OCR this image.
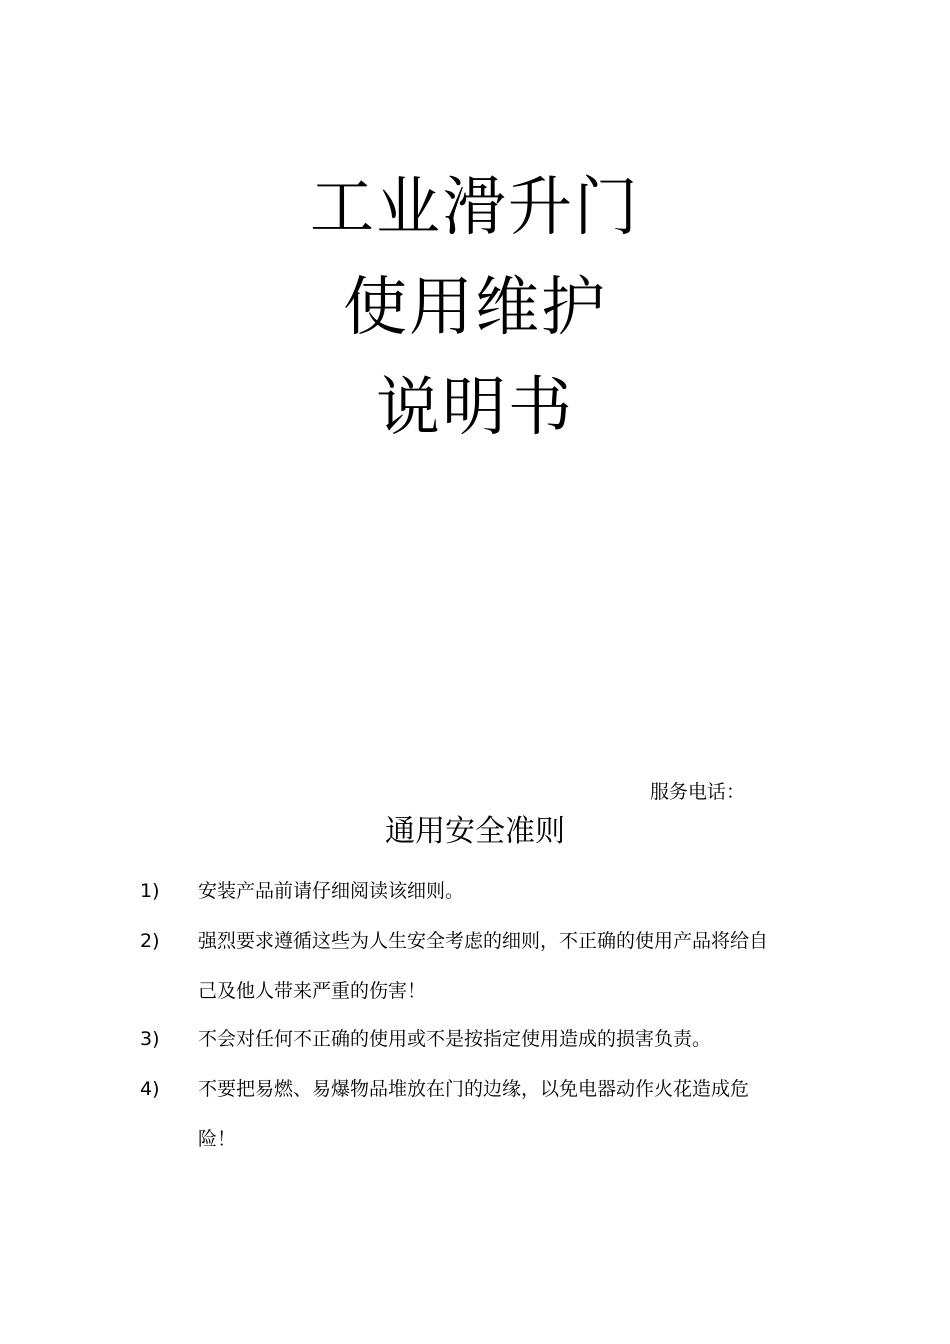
工业滑升门
使用维护
说明书
服务电话：
通用安全准则
1)	安装产品前请仔细阅读该细则。
2)	强烈要求遵循这些为人生安全考虑的细则，不正确的使用产品将给自己及他人带来严重的伤害！
3)	不会对任何不正确的使用或不是按指定使用造成的损害负责。
4)	不要把易燃、易爆物品堆放在门的边缘，以免电器动作火花造成危险！
